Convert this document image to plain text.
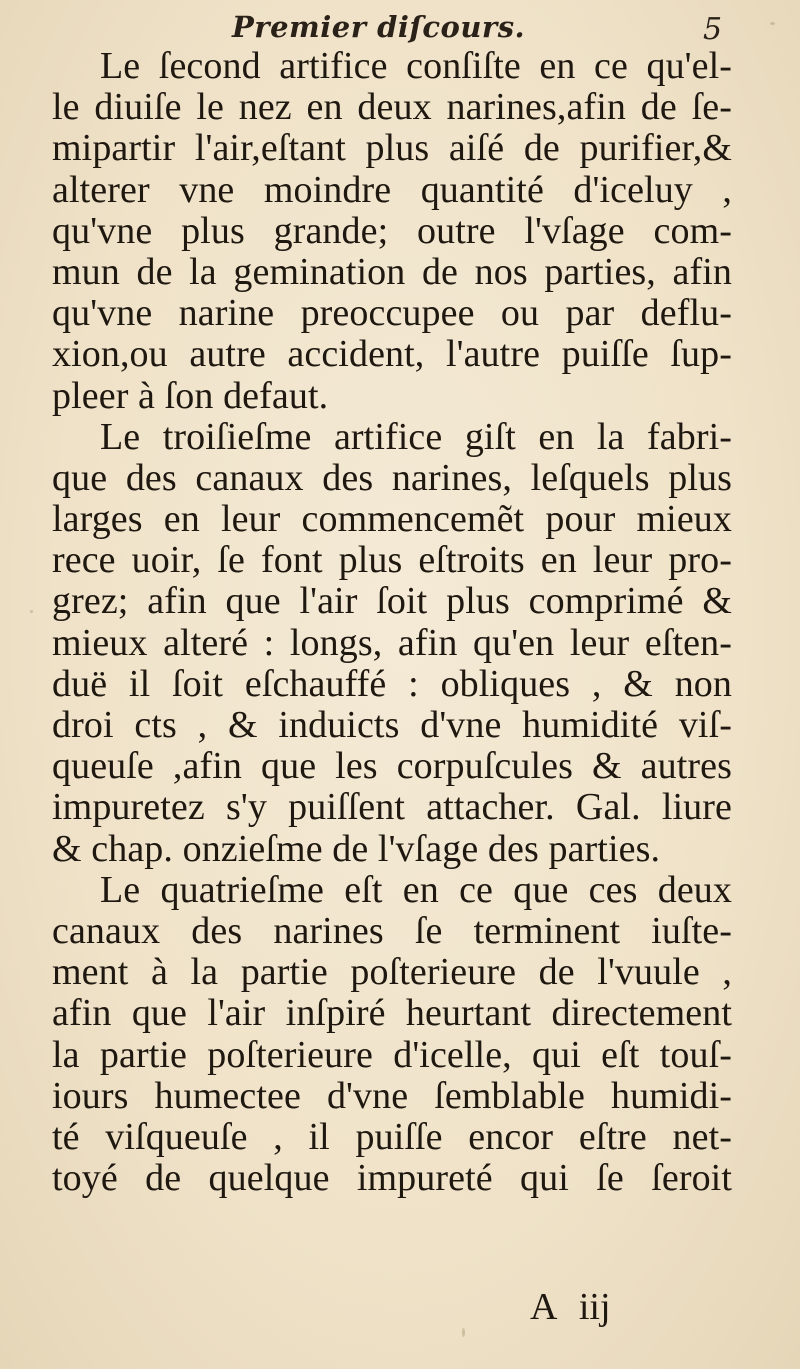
Premier diſcours.	5
Le ſecond artifice conſiſte en ce qu'el-
le diuiſe le nez en deux narines,afin de ſe-
mipartir l'air,eſtant plus aiſé de purifier,&
alterer vne moindre quantité d'iceluy ,
qu'vne plus grande; outre l'vſage com-
mun de la gemination de nos parties, afin
qu'vne narine preoccupee ou par deflu-
xion,ou autre accident, l'autre puiſſe ſup-
pleer à ſon defaut.
Le troiſieſme artifice giſt en la fabri-
que des canaux des narines, leſquels plus
larges en leur commencemẽt pour mieux
rece uoir, ſe font plus eſtroits en leur pro-
grez; afin que l'air ſoit plus comprimé &
mieux alteré : longs, afin qu'en leur eſten-
duë il ſoit eſchauffé : obliques , & non
droi cts , & induicts d'vne humidité viſ-
queuſe ,afin que les corpuſcules & autres
impuretez s'y puiſſent attacher. Gal. liure
& chap. onzieſme de l'vſage des parties.
Le quatrieſme eſt en ce que ces deux
canaux des narines ſe terminent iuſte-
ment à la partie poſterieure de l'vuule ,
afin que l'air inſpiré heurtant directement
la partie poſterieure d'icelle, qui eſt touſ-
iours humectee d'vne ſemblable humidi-
té viſqueuſe , il puiſſe encor eſtre net-
toyé de quelque impureté qui ſe ſeroit
A iij
